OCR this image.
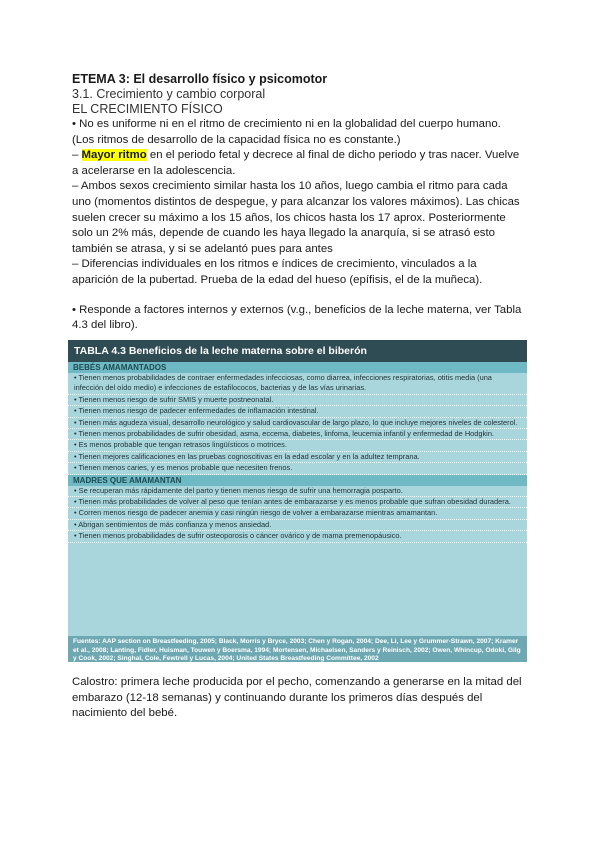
ETEMA 3: El desarrollo físico y psicomotor

3.1. Crecimiento y cambio corporal

EL CRECIMIENTO FÍSICO

• No es uniforme ni en el ritmo de crecimiento ni en la globalidad del cuerpo humano. (Los ritmos de desarrollo de la capacidad física no es constante.)

– Mayor ritmo en el periodo fetal y decrece al final de dicho periodo y tras nacer. Vuelve a acelerarse en la adolescencia.

– Ambos sexos crecimiento similar hasta los 10 años, luego cambia el ritmo para cada uno (momentos distintos de despegue, y para alcanzar los valores máximos). Las chicas suelen crecer su máximo a los 15 años, los chicos hasta los 17 aprox. Posteriormente solo un 2% más, depende de cuando les haya llegado la anarquía, si se atrasó esto también se atrasa, y si se adelantó pues para antes

– Diferencias individuales en los ritmos e índices de crecimiento, vinculados a la aparición de la pubertad. Prueba de la edad del hueso (epífisis, el de la muñeca).

• Responde a factores internos y externos (v.g., beneficios de la leche materna, ver Tabla 4.3 del libro).

TABLA 4.3 Beneficios de la leche materna sobre el biberón
BEBÉS AMAMANTADOS
• Tienen menos probabilidades de contraer enfermedades infecciosas, como diarrea, infecciones respiratorias, otitis media (una infección del oído medio) e infecciones de estafilococos, bacterias y de las vías urinarias.
• Tienen menos riesgo de sufrir SMIS y muerte postneonatal.
• Tienen menos riesgo de padecer enfermedades de inflamación intestinal.
• Tienen más agudeza visual, desarrollo neurológico y salud cardiovascular de largo plazo, lo que incluye mejores niveles de colesterol.
• Tienen menos probabilidades de sufrir obesidad, asma, eccema, diabetes, linfoma, leucemia infantil y enfermedad de Hodgkin.
• Es menos probable que tengan retrasos lingüísticos o motrices.
• Tienen mejores calificaciones en las pruebas cognoscitivas en la edad escolar y en la adultez temprana.
• Tienen menos caries, y es menos probable que necesiten frenos.
MADRES QUE AMAMANTAN
• Se recuperan más rápidamente del parto y tienen menos riesgo de sufrir una hemorragia posparto.
• Tienen más probabilidades de volver al peso que tenían antes de embarazarse y es menos probable que sufran obesidad duradera.
• Corren menos riesgo de padecer anemia y casi ningún riesgo de volver a embarazarse mientras amamantan.
• Abrigan sentimientos de más confianza y menos ansiedad.
• Tienen menos probabilidades de sufrir osteoporosis o cáncer ovárico y de mama premenopáusico.
Fuentes: AAP section on Breastfeeding, 2005; Black, Morris y Bryce, 2003; Chen y Rogan, 2004; Dee, Li, Lee y Grummer-Strawn, 2007; Kramer et al., 2008; Lanting, Fidler, Huisman, Touwen y Boersma, 1994; Mortensen, Michaelsen, Sanders y Reinisch, 2002; Owen, Whincup, Odoki, Gilg y Cook, 2002; Singhal, Cole, Fewtrell y Lucas, 2004; United States Breastfeeding Committee, 2002

Calostro: primera leche producida por el pecho, comenzando a generarse en la mitad del embarazo (12-18 semanas) y continuando durante los primeros días después del nacimiento del bebé.
